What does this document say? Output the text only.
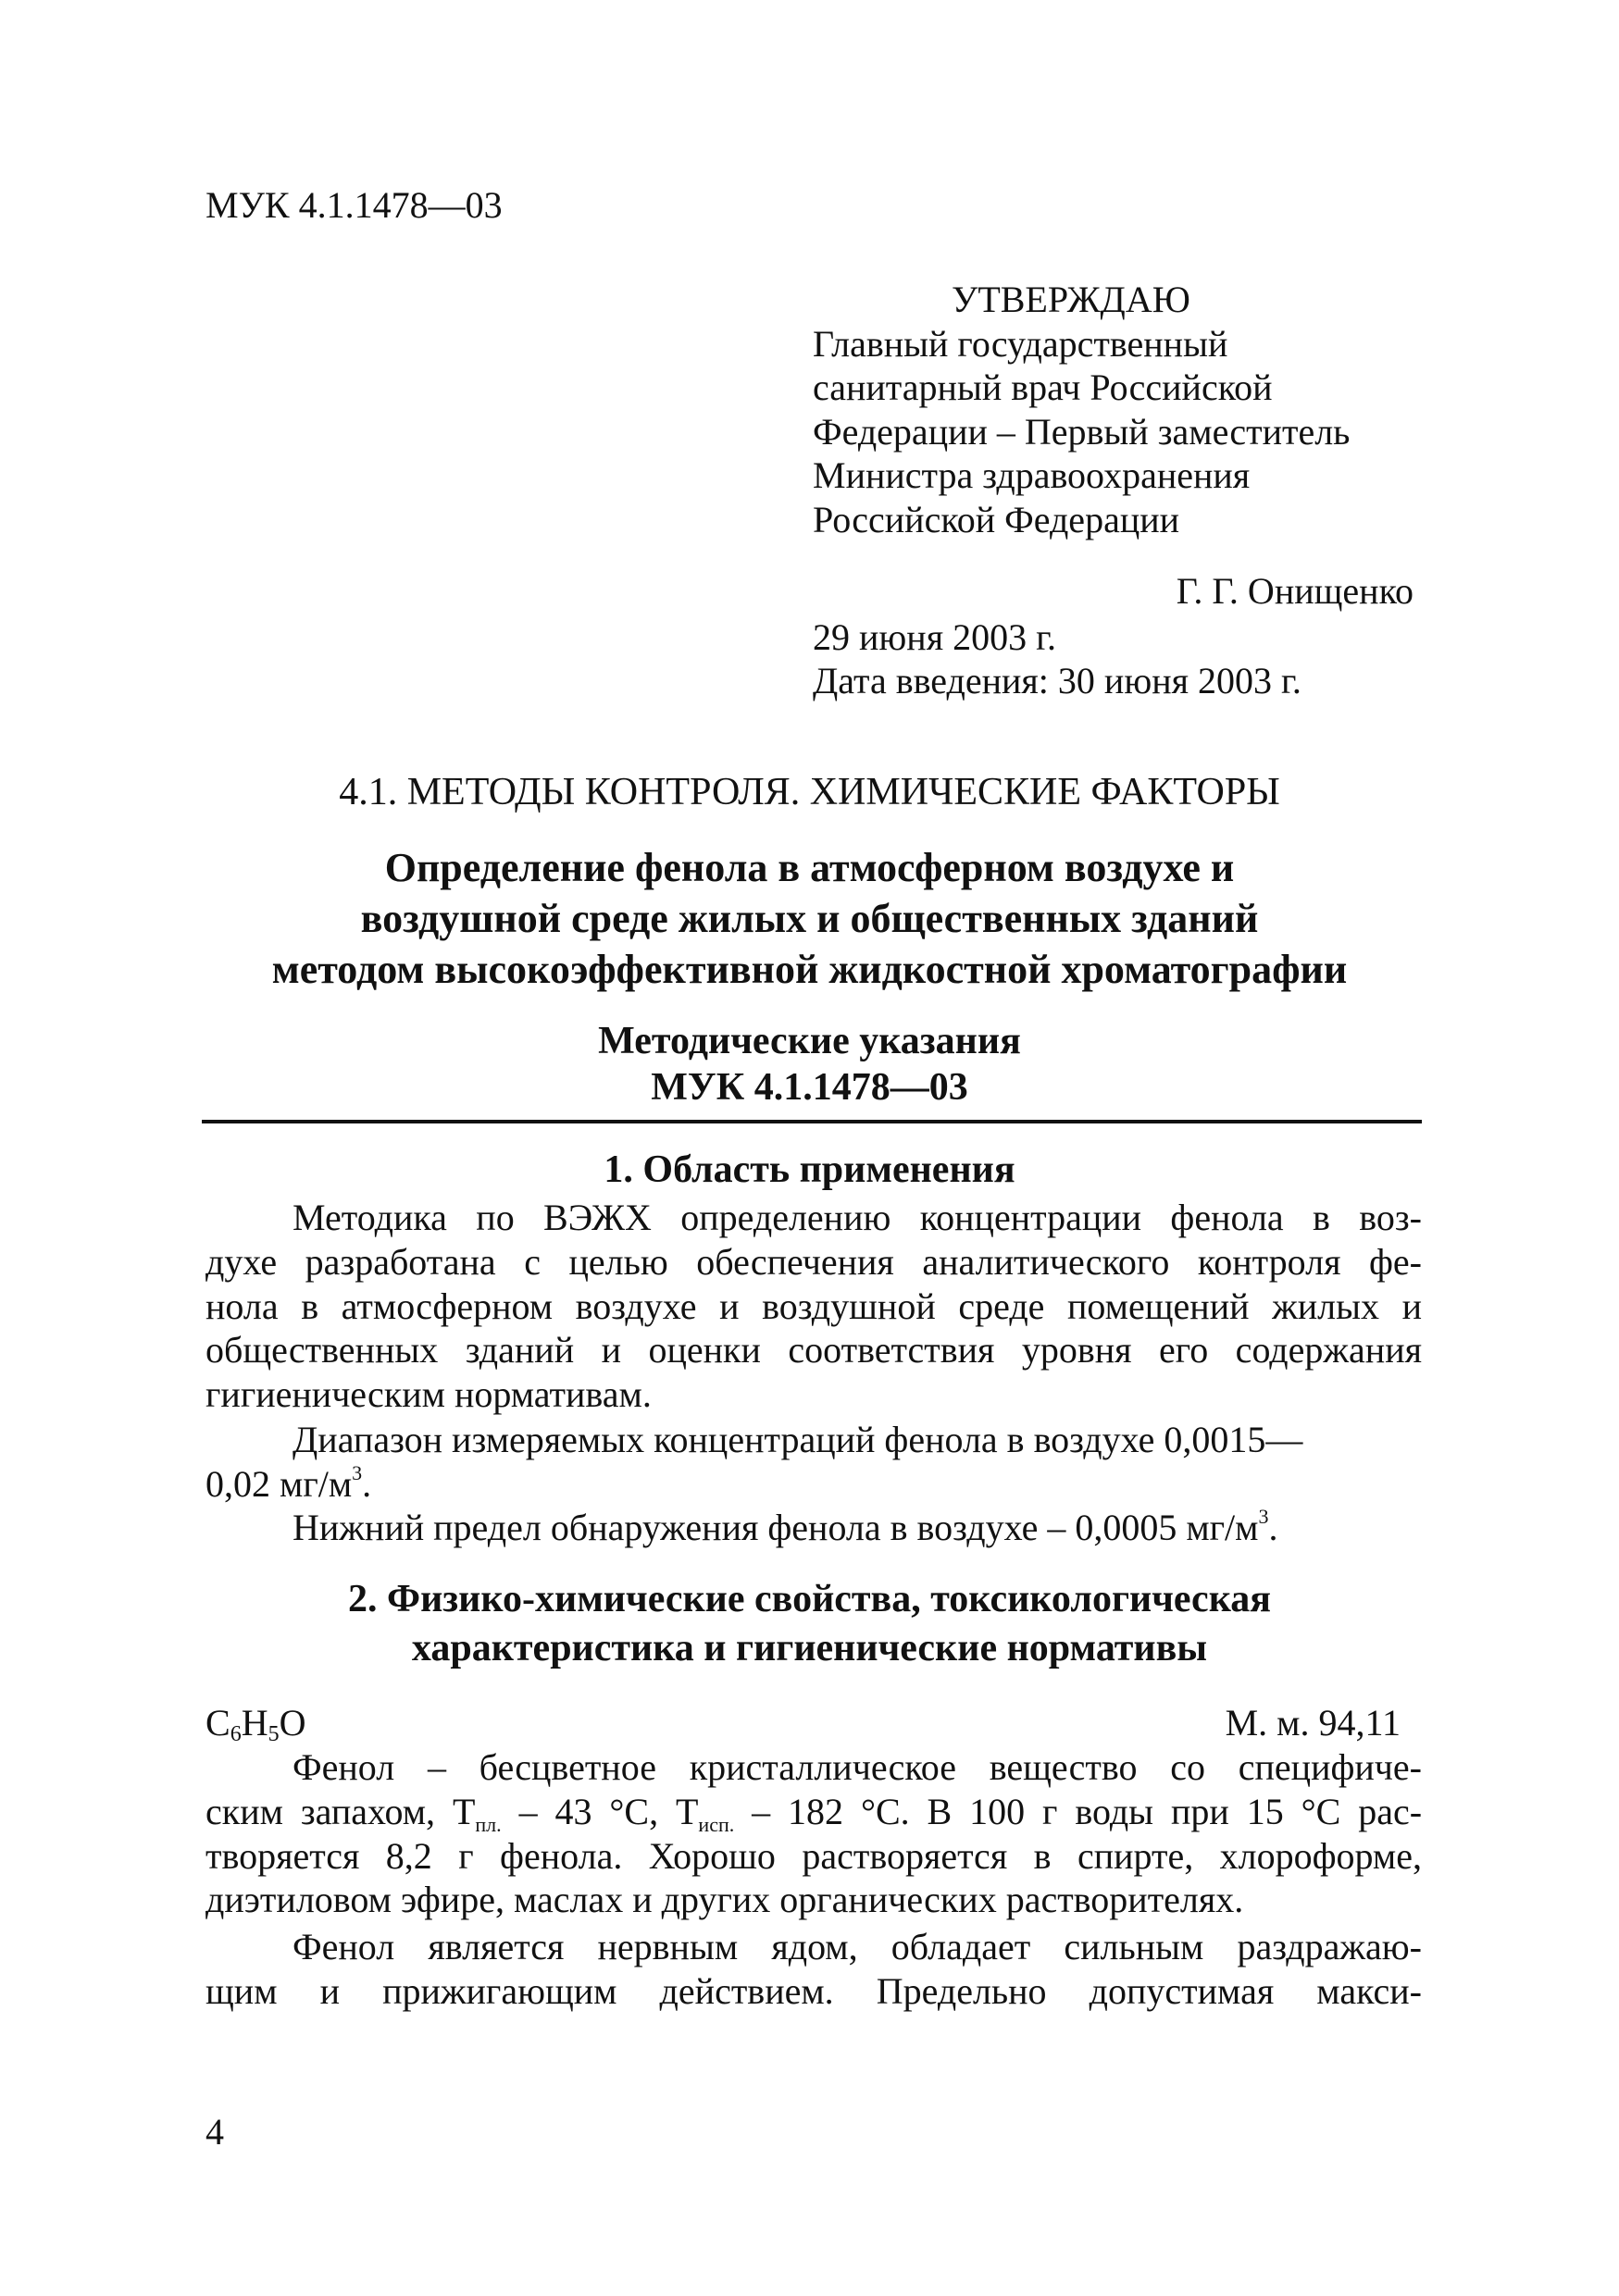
МУК 4.1.1478—03
УТВЕРЖДАЮ
Главный государственный
санитарный врач Российской
Федерации – Первый заместитель
Министра здравоохранения
Российской Федерации
Г. Г. Онищенко
29 июня 2003 г.
Дата введения: 30 июня 2003 г.
4.1. МЕТОДЫ КОНТРОЛЯ. ХИМИЧЕСКИЕ ФАКТОРЫ
Определение фенола в атмосферном воздухе и
воздушной среде жилых и общественных зданий
методом высокоэффективной жидкостной хроматографии
Методические указания
МУК 4.1.1478—03
1. Область применения
Методика по ВЭЖХ определению концентрации фенола в воз-
духе разработана с целью обеспечения аналитического контроля фе-
нола в атмосферном воздухе и воздушной среде помещений жилых и
общественных зданий и оценки соответствия уровня его содержания
гигиеническим нормативам.
Диапазон измеряемых концентраций фенола в воздухе 0,0015—
0,02 $мг/м^3$.
Нижний предел обнаружения фенола в воздухе – 0,0005 $мг/м^3$.
2. Физико-химические свойства, токсикологическая
характеристика и гигиенические нормативы
$C_6H_5O$	М. м. 94,11
Фенол – бесцветное кристаллическое вещество со специфиче-
ским запахом, $Т_{пл.} - 43$ °С, $Т_{исп.} - 182$ °С. В 100 г воды при 15 °С рас-
творяется 8,2 г фенола. Хорошо растворяется в спирте, хлороформе,
диэтиловом эфире, маслах и других органических растворителях.
Фенол является нервным ядом, обладает сильным раздражаю-
щим и прижигающим действием. Предельно допустимая макси-
4
